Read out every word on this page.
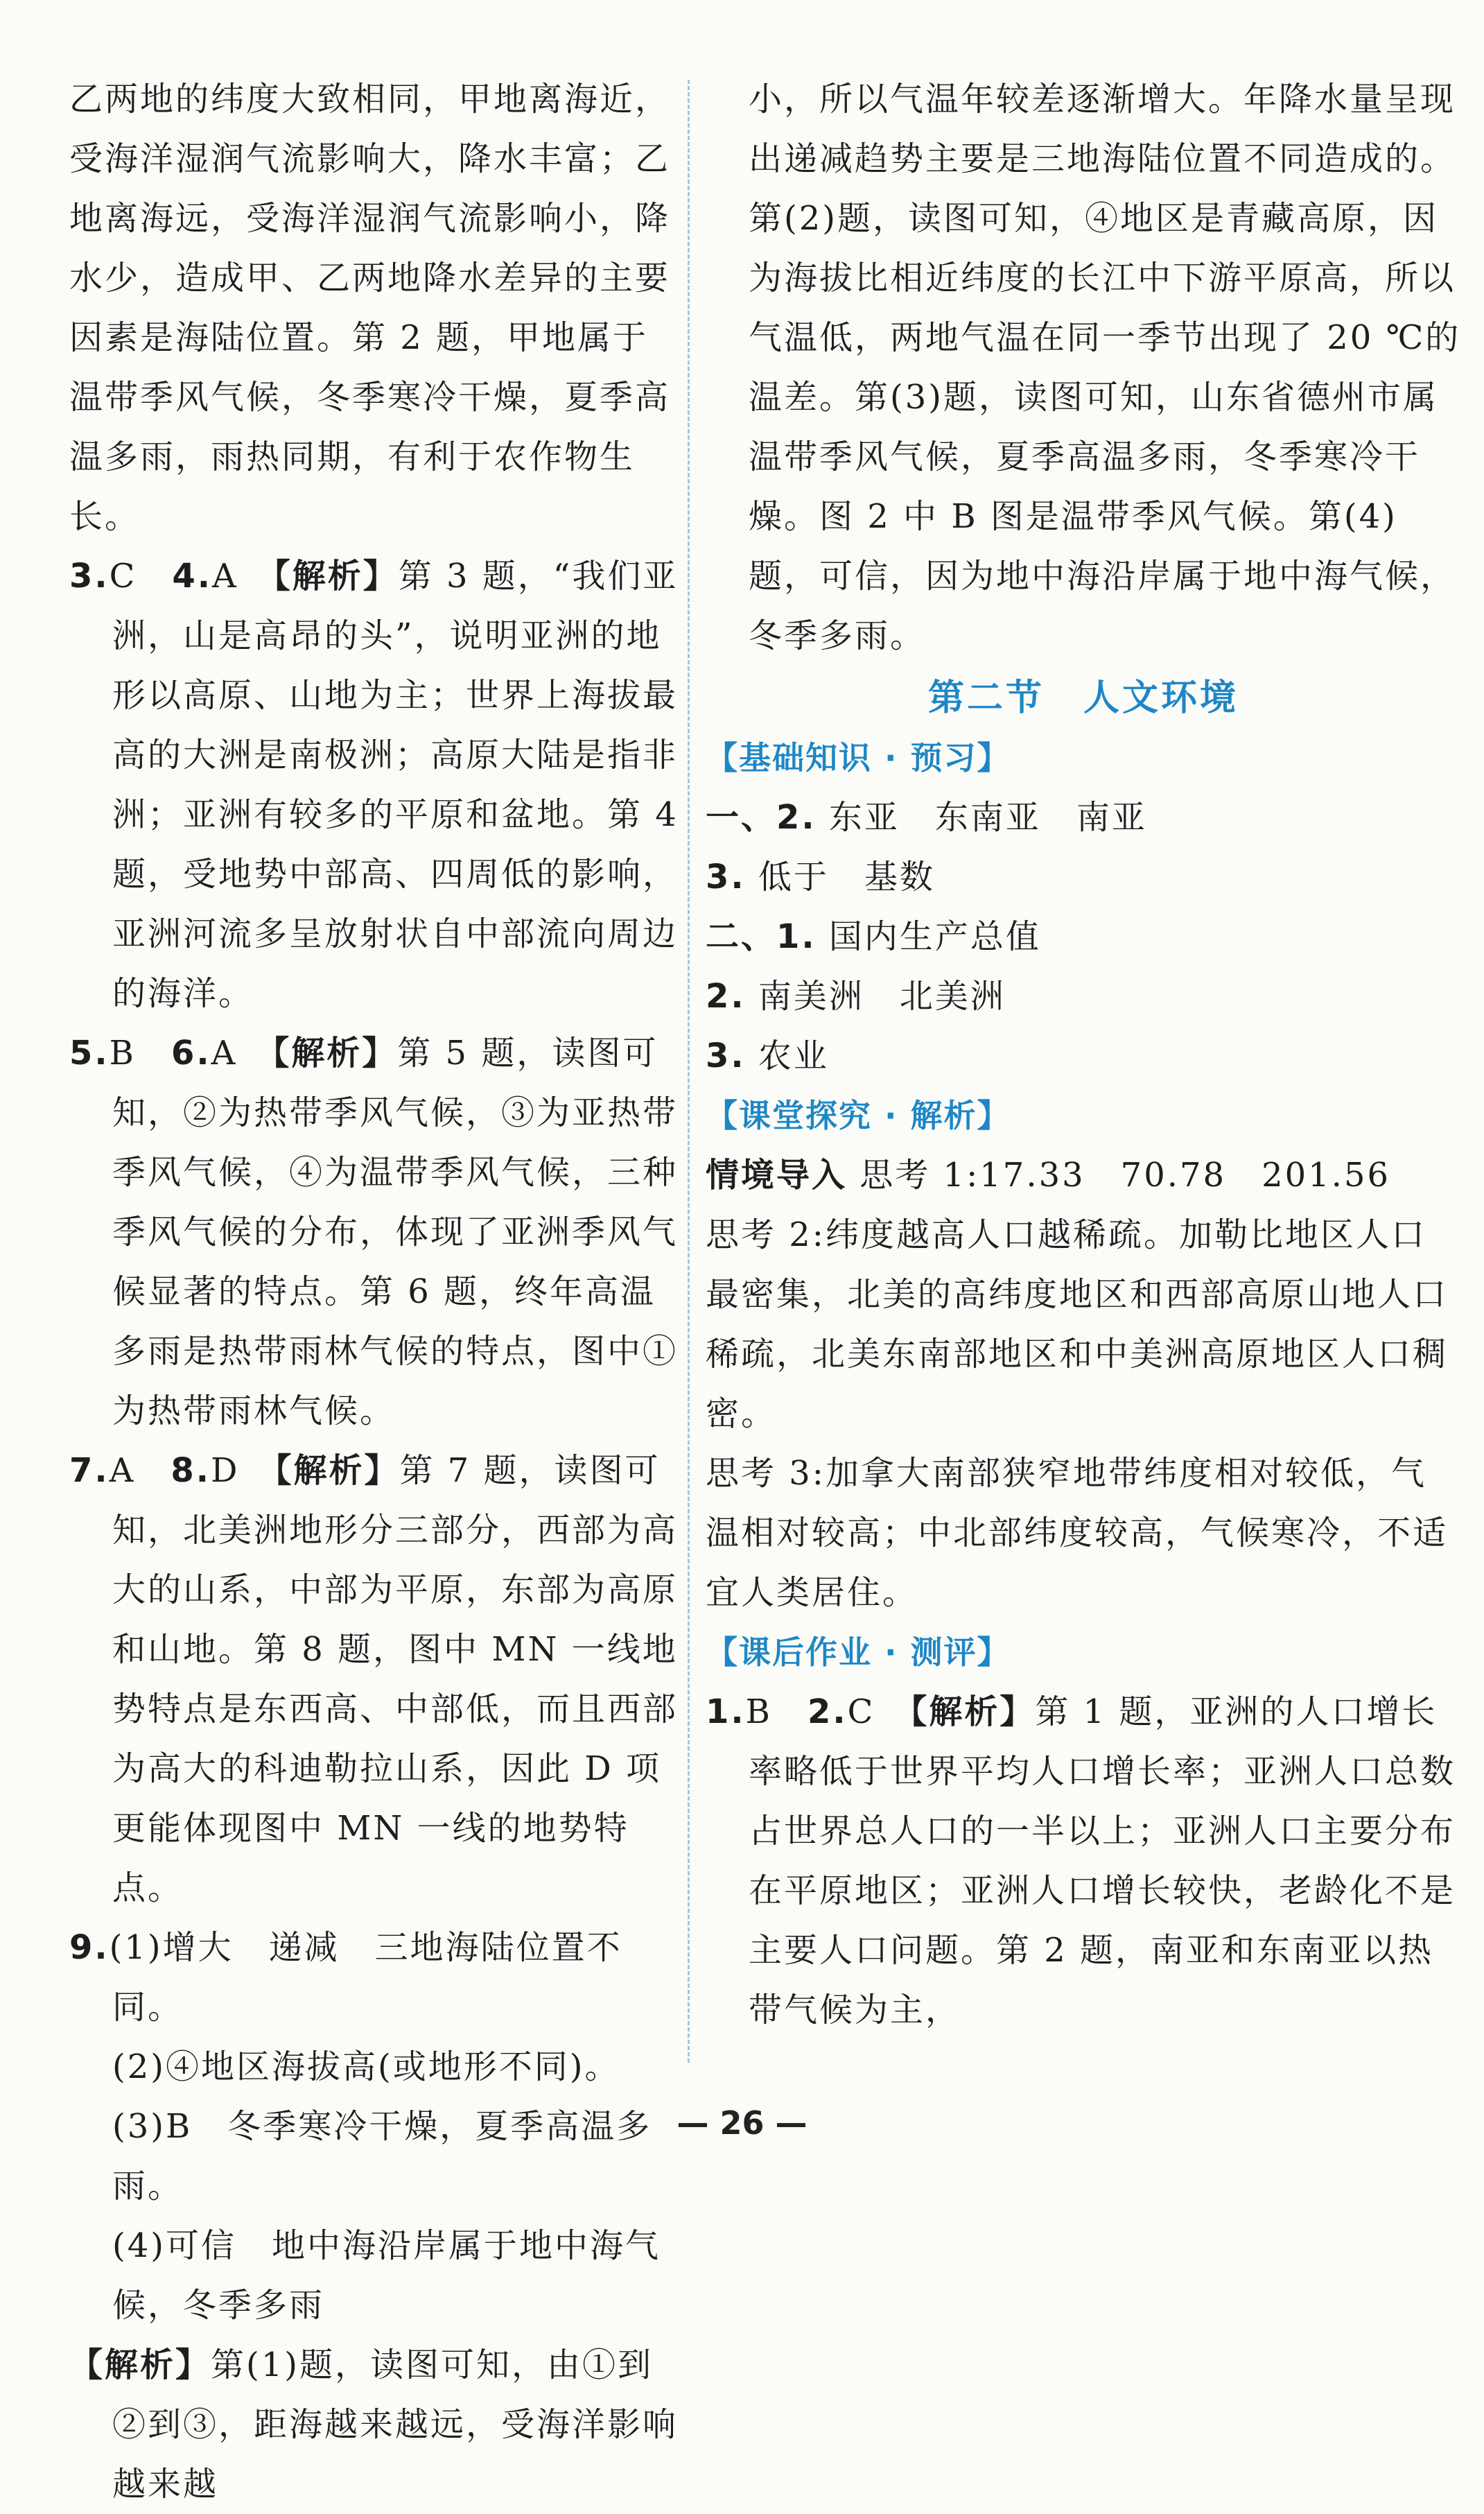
乙两地的纬度大致相同，甲地离海近，受海洋湿润气流影响大，降水丰富；乙地离海远，受海洋湿润气流影响小，降水少，造成甲、乙两地降水差异的主要因素是海陆位置。第 2 题，甲地属于温带季风气候，冬季寒冷干燥，夏季高温多雨，雨热同期，有利于农作物生长。

3.C　 4.A　 【解析】第 3 题，“我们亚洲，山是高昂的头”，说明亚洲的地形以高原、山地为主；世界上海拔最高的大洲是南极洲；高原大陆是指非洲；亚洲有较多的平原和盆地。第 4 题，受地势中部高、四周低的影响，亚洲河流多呈放射状自中部流向周边的海洋。

5.B　 6.A　 【解析】第 5 题，读图可知，②为热带季风气候，③为亚热带季风气候，④为温带季风气候，三种季风气候的分布，体现了亚洲季风气候显著的特点。第 6 题，终年高温多雨是热带雨林气候的特点，图中①为热带雨林气候。

7.A　 8.D　 【解析】第 7 题，读图可知，北美洲地形分三部分，西部为高大的山系，中部为平原，东部为高原和山地。第 8 题，图中 MN 一线地势特点是东西高、中部低，而且西部为高大的科迪勒拉山系，因此 D 项更能体现图中 MN 一线的地势特点。

9.(1)增大　递减　三地海陆位置不同。

(2)④地区海拔高(或地形不同)。

(3)B　冬季寒冷干燥，夏季高温多雨。

(4)可信　地中海沿岸属于地中海气候，冬季多雨

【解析】第(1)题，读图可知，由①到②到③，距海越来越远，受海洋影响越来越

小，所以气温年较差逐渐增大。年降水量呈现出递减趋势主要是三地海陆位置不同造成的。第(2)题，读图可知，④地区是青藏高原，因为海拔比相近纬度的长江中下游平原高，所以气温低，两地气温在同一季节出现了 20 ℃的温差。第(3)题，读图可知，山东省德州市属温带季风气候，夏季高温多雨，冬季寒冷干燥。图 2 中 B 图是温带季风气候。第(4)题，可信，因为地中海沿岸属于地中海气候，冬季多雨。

第二节　人文环境

【基础知识 · 预习】

一、2. 东亚　东南亚　南亚

3. 低于　基数

二、1. 国内生产总值

2. 南美洲　北美洲

3. 农业

【课堂探究 · 解析】

情境导入 思考 1:17.33　70.78　201.56

思考 2:纬度越高人口越稀疏。加勒比地区人口最密集，北美的高纬度地区和西部高原山地人口稀疏，北美东南部地区和中美洲高原地区人口稠密。

思考 3:加拿大南部狭窄地带纬度相对较低，气温相对较高；中北部纬度较高，气候寒冷，不适宜人类居住。

【课后作业 · 测评】

1.B　 2.C　 【解析】第 1 题，亚洲的人口增长率略低于世界平均人口增长率；亚洲人口总数占世界总人口的一半以上；亚洲人口主要分布在平原地区；亚洲人口增长较快，老龄化不是主要人口问题。第 2 题，南亚和东南亚以热带气候为主，

— 26 —
